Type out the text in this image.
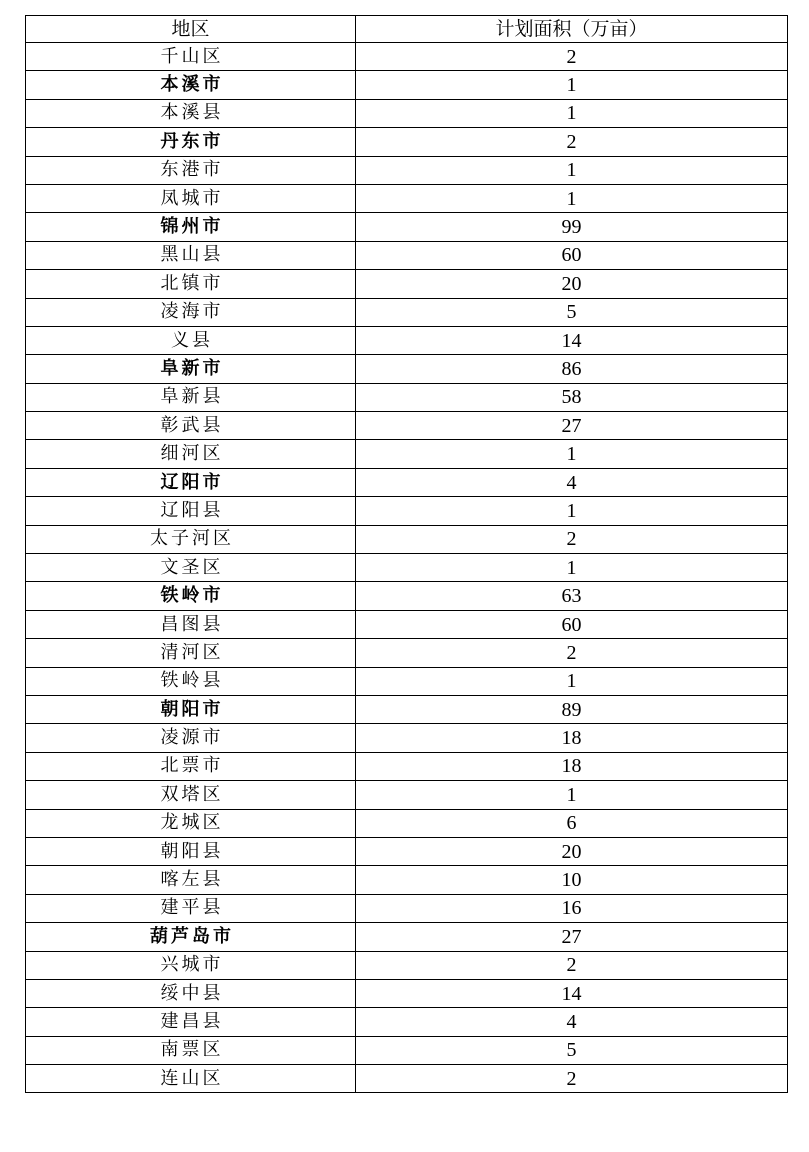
地区	计划面积（万亩）
千山区	2
本溪市	1
本溪县	1
丹东市	2
东港市	1
凤城市	1
锦州市	99
黑山县	60
北镇市	20
凌海市	5
义县	14
阜新市	86
阜新县	58
彰武县	27
细河区	1
辽阳市	4
辽阳县	1
太子河区	2
文圣区	1
铁岭市	63
昌图县	60
清河区	2
铁岭县	1
朝阳市	89
凌源市	18
北票市	18
双塔区	1
龙城区	6
朝阳县	20
喀左县	10
建平县	16
葫芦岛市	27
兴城市	2
绥中县	14
建昌县	4
南票区	5
连山区	2
